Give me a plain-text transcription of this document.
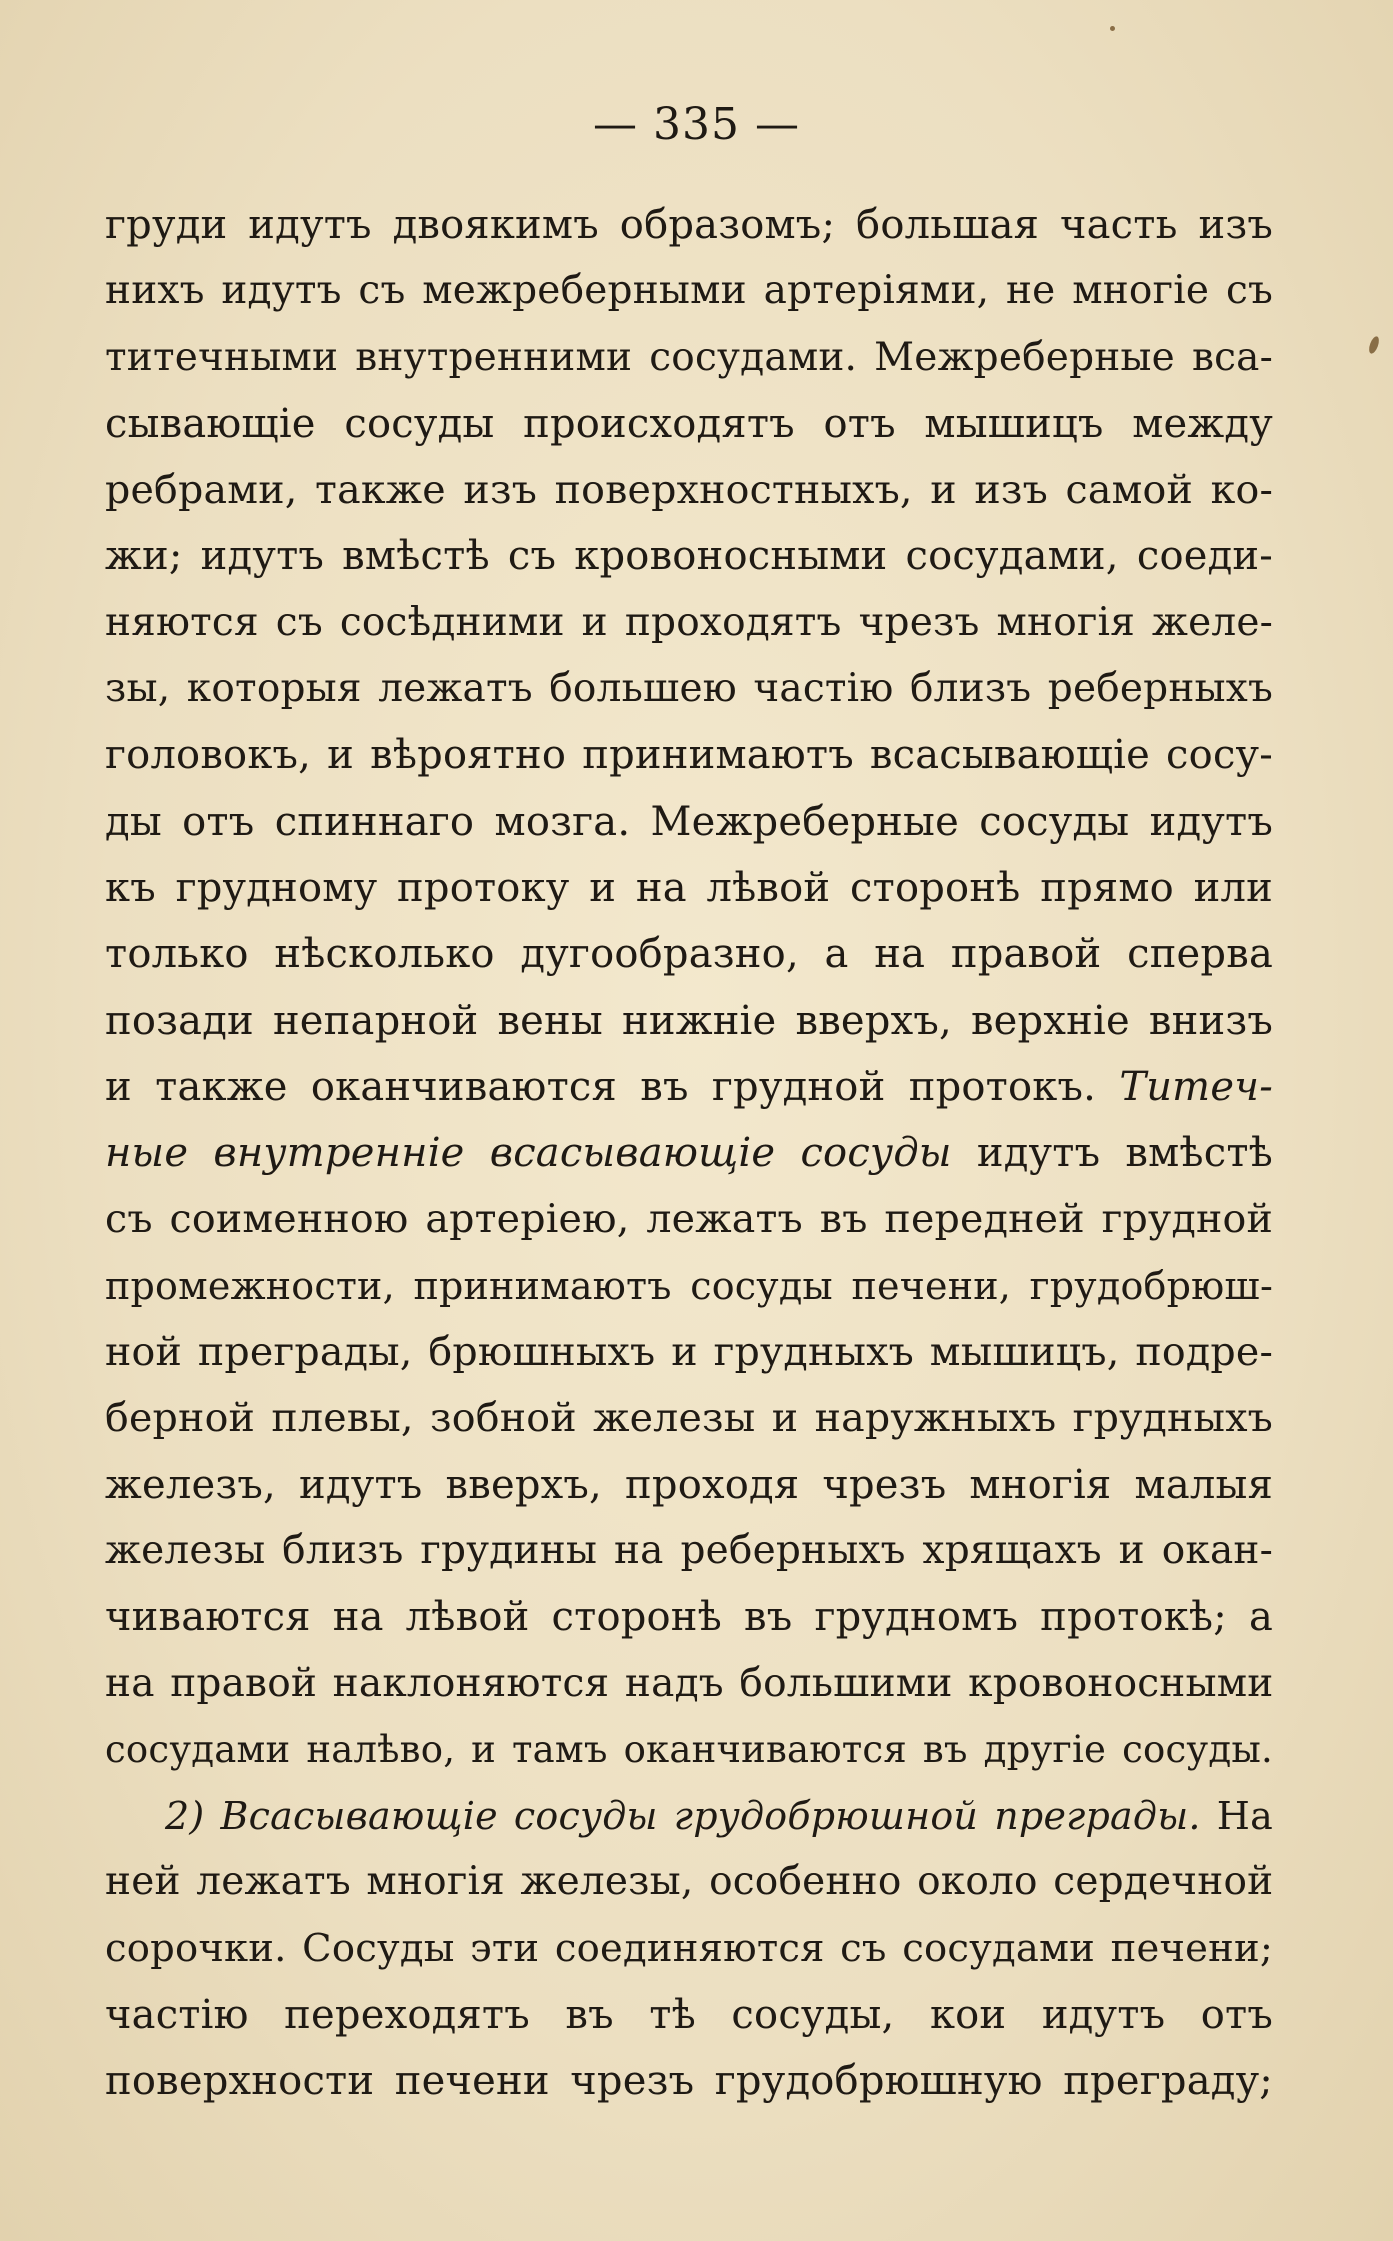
— 335 —
груди идутъ двоякимъ образомъ; большая часть изъ
нихъ идутъ съ межреберными артеріями, не многіе съ
титечными внутренними сосудами. Межреберные вса-
сывающіе сосуды происходятъ отъ мышицъ между
ребрами, также изъ поверхностныхъ, и изъ самой ко-
жи; идутъ вмѣстѣ съ кровоносными сосудами, соеди-
няются съ сосѣдними и проходятъ чрезъ многія желе-
зы, которыя лежатъ большею частію близъ реберныхъ
головокъ, и вѣроятно принимаютъ всасывающіе сосу-
ды отъ спиннаго мозга. Межреберные сосуды идутъ
къ грудному протоку и на лѣвой сторонѣ прямо или
только нѣсколько дугообразно, а на правой сперва
позади непарной вены нижніе вверхъ, верхніе внизъ
и также оканчиваются въ грудной протокъ. Титеч-
ные внутренніе всасывающіе сосуды идутъ вмѣстѣ
съ соименною артеріею, лежатъ въ передней грудной
промежности, принимаютъ сосуды печени, грудобрюш-
ной преграды, брюшныхъ и грудныхъ мышицъ, подре-
берной плевы, зобной железы и наружныхъ грудныхъ
железъ, идутъ вверхъ, проходя чрезъ многія малыя
железы близъ грудины на реберныхъ хрящахъ и окан-
чиваются на лѣвой сторонѣ въ грудномъ протокѣ; а
на правой наклоняются надъ большими кровоносными
сосудами налѣво, и тамъ оканчиваются въ другіе сосуды.
2) Всасывающіе сосуды грудобрюшной преграды. На
ней лежатъ многія железы, особенно около сердечной
сорочки. Сосуды эти соединяются съ сосудами печени;
частію переходятъ въ тѣ сосуды, кои идутъ отъ
поверхности печени чрезъ грудобрюшную преграду;
